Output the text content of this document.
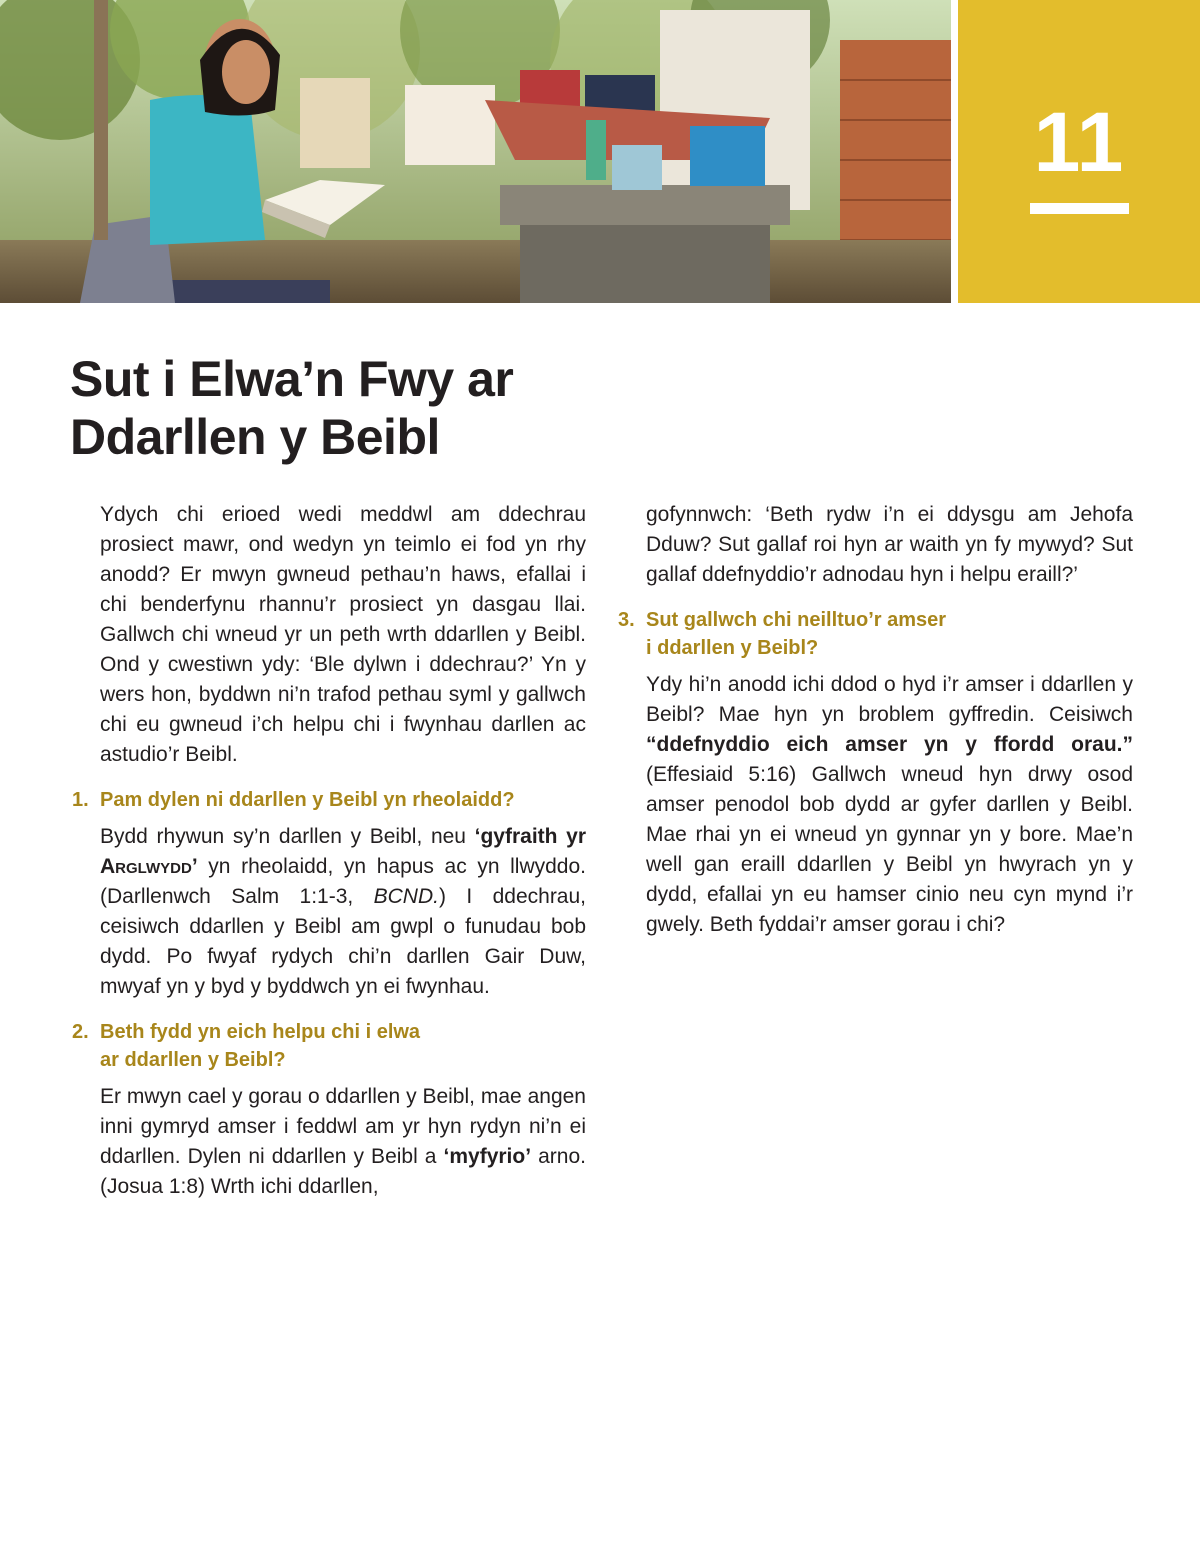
11
Sut i Elwa’n Fwy ar
Ddarllen y Beibl

Ydych chi erioed wedi meddwl am ddechrau prosiect mawr, ond wedyn yn teimlo ei fod yn rhy anodd? Er mwyn gwneud pethau’n haws, efallai i chi benderfynu rhannu’r prosiect yn dasgau llai. Gallwch chi wneud yr un peth wrth ddarllen y Beibl. Ond y cwestiwn ydy: ‘Ble dylwn i ddechrau?’ Yn y wers hon, byddwn ni’n trafod pethau syml y gallwch chi eu gwneud i’ch helpu chi i fwynhau darllen ac astudio’r Beibl.

1. Pam dylen ni ddarllen y Beibl yn rheolaidd?

Bydd rhywun sy’n darllen y Beibl, neu ‘gyfraith yr Arglwydd’ yn rheolaidd, yn hapus ac yn llwyddo. (Darllenwch Salm 1:1-3, BCND.) I ddechrau, ceisiwch ddarllen y Beibl am gwpl o funudau bob dydd. Po fwyaf rydych chi’n darllen Gair Duw, mwyaf yn y byd y byddwch yn ei fwynhau.

2. Beth fydd yn eich helpu chi i elwa
ar ddarllen y Beibl?

Er mwyn cael y gorau o ddarllen y Beibl, mae angen inni gymryd amser i feddwl am yr hyn rydyn ni’n ei ddarllen. Dylen ni ddarllen y Beibl a ‘myfyrio’ arno. (Josua 1:8) Wrth ichi ddarllen,

gofynnwch: ‘Beth rydw i’n ei ddysgu am Jehofa Dduw? Sut gallaf roi hyn ar waith yn fy mywyd? Sut gallaf ddefnyddio’r adnodau hyn i helpu eraill?’

3. Sut gallwch chi neilltuo’r amser
i ddarllen y Beibl?

Ydy hi’n anodd ichi ddod o hyd i’r amser i ddarllen y Beibl? Mae hyn yn broblem gyffredin. Ceisiwch “ddefnyddio eich amser yn y ffordd orau.” (Effesiaid 5:16) Gallwch wneud hyn drwy osod amser penodol bob dydd ar gyfer darllen y Beibl. Mae rhai yn ei wneud yn gynnar yn y bore. Mae’n well gan eraill ddarllen y Beibl yn hwyrach yn y dydd, efallai yn eu hamser cinio neu cyn mynd i’r gwely. Beth fyddai’r amser gorau i chi?
